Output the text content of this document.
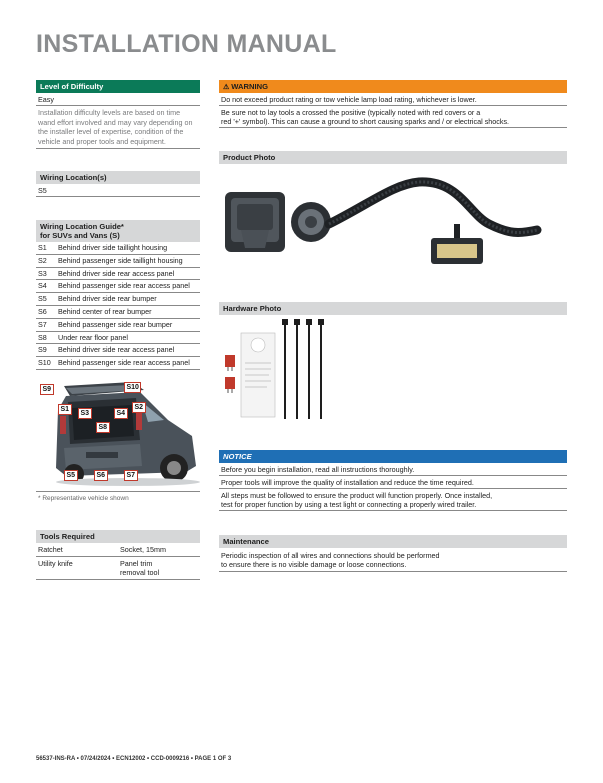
INSTALLATION MANUAL
Level of Difficulty
Easy
Installation difficulty levels are based on time wand effort involved and may vary depending on the installer level of expertise, condition of the vehicle and proper tools and equipment.
Wiring Location(s)
S5
Wiring Location Guide*
for SUVs and Vans (S)
S1	Behind driver side taillight housing
S2	Behind passenger side taillight housing
S3	Behind driver side rear access panel
S4	Behind passenger side rear access panel
S5	Behind driver side rear bumper
S6	Behind center of rear bumper
S7	Behind passenger side rear bumper
S8	Under rear floor panel
S9	Behind driver side rear access panel
S10	Behind passenger side rear access panel
S9	S10
S1
S3	S4
S2
S8
S5	S6	S7
* Representative vehicle shown
Tools Required
Ratchet	Socket, 15mm
Utility knife	Panel trim
removal tool
⚠ WARNING
Do not exceed product rating or tow vehicle lamp load rating, whichever is lower.
Be sure not to lay tools a crossed the positive (typically noted with red covers or a
red '+' symbol). This can cause a ground to short causing sparks and / or electrical shocks.
Product Photo
Hardware Photo
NOTICE
Before you begin installation, read all instructions thoroughly.
Proper tools will improve the quality of installation and reduce the time required.
All steps must be followed to ensure the product will function properly. Once installed,
test for proper function by using a test light or connecting a properly wired trailer.
Maintenance
Periodic inspection of all wires and connections should be performed
to ensure there is no visible damage or loose connections.
56537-INS-RA • 07/24/2024 • ECN12002 • CCD-0009216 • PAGE 1 OF 3
